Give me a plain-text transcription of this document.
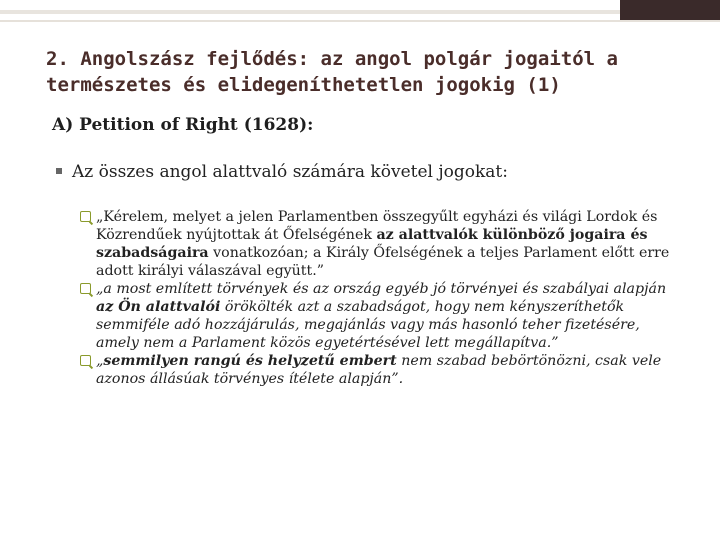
2. Angolszász fejlődés: az angol polgár jogaitól a természetes és elidegeníthetetlen jogokig (1)
A) Petition of Right (1628):
Az összes angol alattvaló számára követel jogokat:
„Kérelem, melyet a jelen Parlamentben összegyűlt egyházi és világi Lordok és Közrendűek nyújtottak át Őfelségének az alattvalók különböző jogaira és szabadságaira vonatkozóan; a Király Őfelségének a teljes Parlament előtt erre adott királyi válaszával együtt.”
„a most említett törvények és az ország egyéb jó törvényei és szabályai alapján az Ön alattvalói örökölték azt a szabadságot, hogy nem kényszeríthetők semmiféle adó hozzájárulás, megajánlás vagy más hasonló teher fizetésére, amely nem a Parlament közös egyetértésével lett megállapítva.”
„semmilyen rangú és helyzetű embert nem szabad bebörtönözni, csak vele azonos állásúak törvényes ítélete alapján”.
